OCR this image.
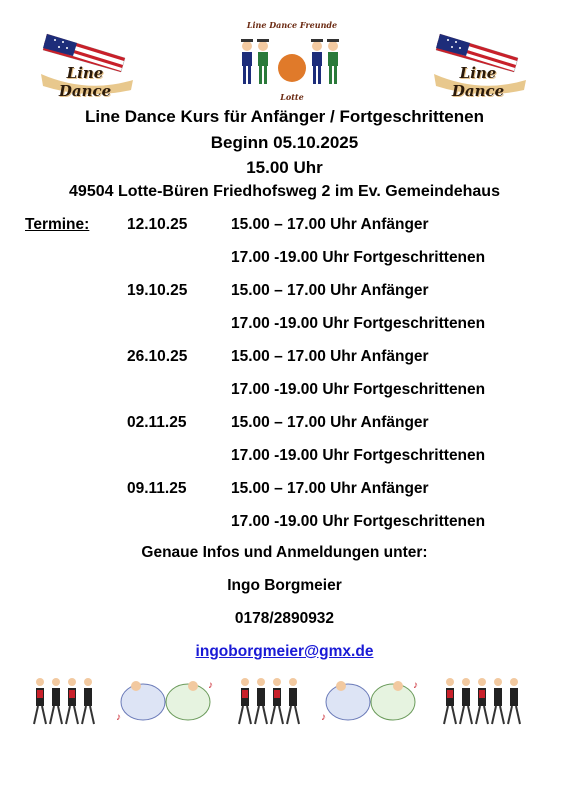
Line Dance
Line Dance Freunde
Lotte
Line Dance
Line Dance Kurs für Anfänger / Fortgeschrittenen
Beginn 05.10.2025
15.00 Uhr
49504 Lotte-Büren Friedhofsweg 2 im Ev. Gemeindehaus
Termine: 12.10.25	15.00 – 17.00 Uhr Anfänger
17.00 -19.00 Uhr Fortgeschrittenen
19.10.25	15.00 – 17.00 Uhr Anfänger
17.00 -19.00 Uhr Fortgeschrittenen
26.10.25	15.00 – 17.00 Uhr Anfänger
17.00 -19.00 Uhr Fortgeschrittenen
02.11.25	15.00 – 17.00 Uhr Anfänger
17.00 -19.00 Uhr Fortgeschrittenen
09.11.25	15.00 – 17.00 Uhr Anfänger
17.00 -19.00 Uhr Fortgeschrittenen
Genaue Infos und Anmeldungen unter:
Ingo Borgmeier
0178/2890932
ingoborgmeier@gmx.de
♪
♪
♪
♪
